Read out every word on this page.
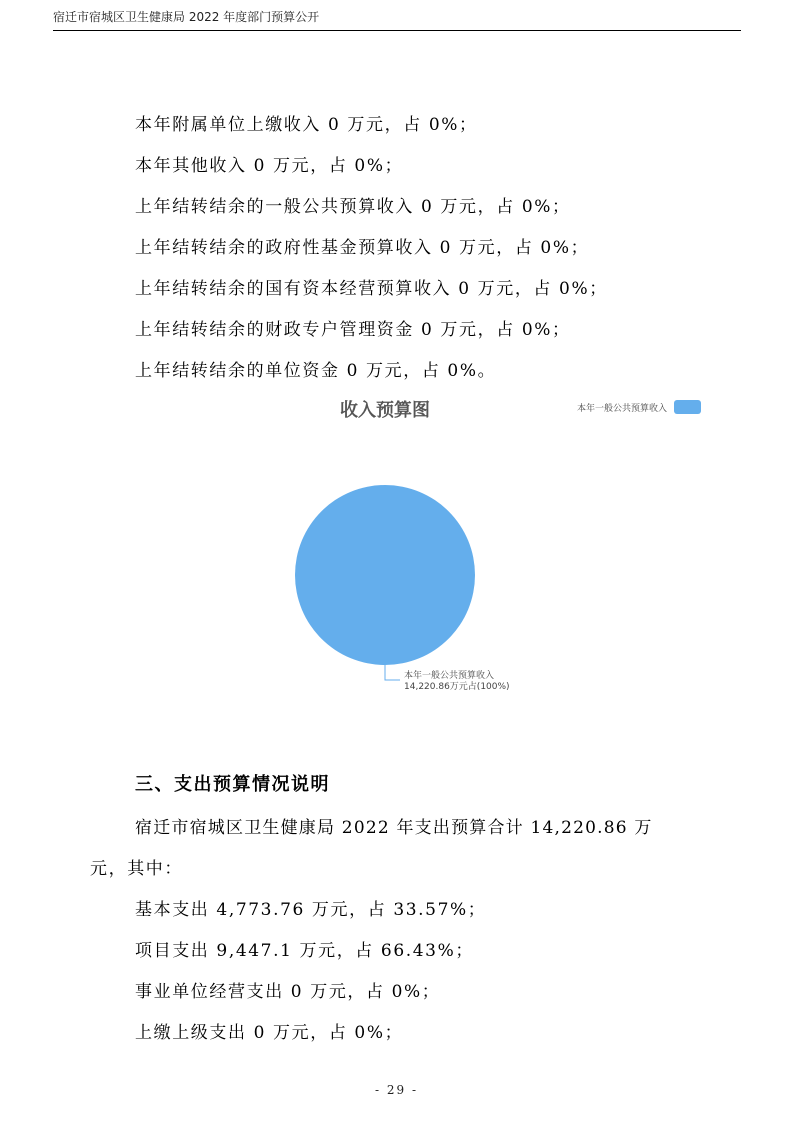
宿迁市宿城区卫生健康局 2022 年度部门预算公开
本年附属单位上缴收入 0 万元，占 0%；
本年其他收入 0 万元，占 0%；
上年结转结余的一般公共预算收入 0 万元，占 0%；
上年结转结余的政府性基金预算收入 0 万元，占 0%；
上年结转结余的国有资本经营预算收入 0 万元，占 0%；
上年结转结余的财政专户管理资金 0 万元，占 0%；
上年结转结余的单位资金 0 万元，占 0%。
收入预算图	本年一般公共预算收入
本年一般公共预算收入
14,220.86万元占(100%)
三、支出预算情况说明
宿迁市宿城区卫生健康局 2022 年支出预算合计 14,220.86 万
元，其中：
基本支出 4,773.76 万元，占 33.57%；
项目支出 9,447.1 万元，占 66.43%；
事业单位经营支出 0 万元，占 0%；
上缴上级支出 0 万元，占 0%；
- 29 -
